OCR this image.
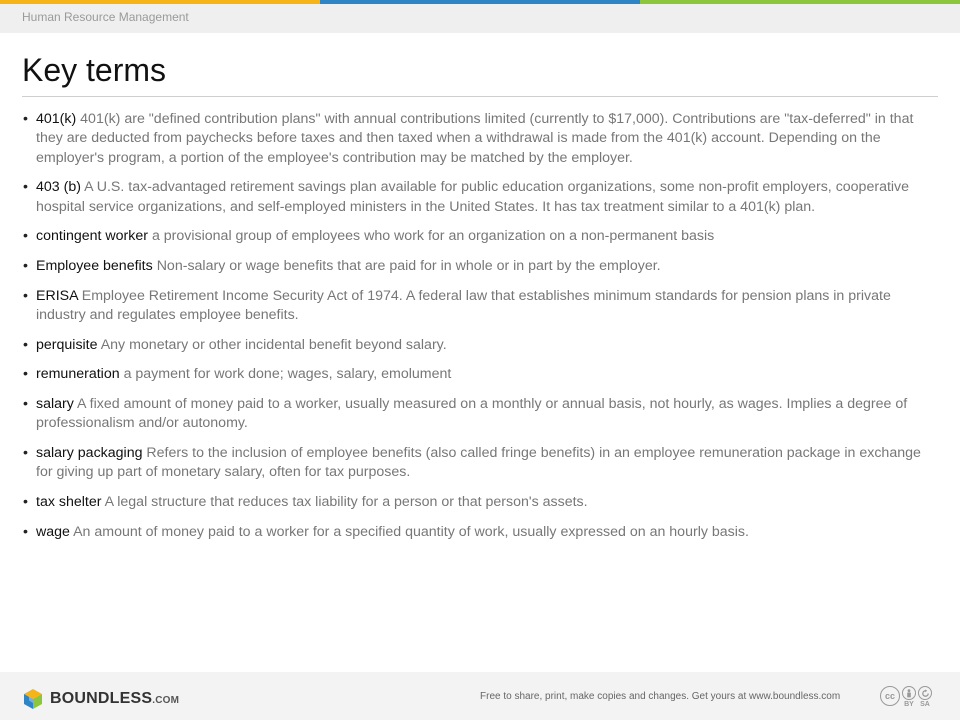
Human Resource Management
Key terms
• 401(k) 401(k) are "defined contribution plans" with annual contributions limited (currently to $17,000). Contributions are "tax-deferred" in that they are deducted from paychecks before taxes and then taxed when a withdrawal is made from the 401(k) account. Depending on the employer's program, a portion of the employee's contribution may be matched by the employer.
• 403 (b) A U.S. tax-advantaged retirement savings plan available for public education organizations, some non-profit employers, cooperative hospital service organizations, and self-employed ministers in the United States. It has tax treatment similar to a 401(k) plan.
• contingent worker a provisional group of employees who work for an organization on a non-permanent basis
• Employee benefits Non-salary or wage benefits that are paid for in whole or in part by the employer.
• ERISA Employee Retirement Income Security Act of 1974. A federal law that establishes minimum standards for pension plans in private industry and regulates employee benefits.
• perquisite Any monetary or other incidental benefit beyond salary.
• remuneration a payment for work done; wages, salary, emolument
• salary A fixed amount of money paid to a worker, usually measured on a monthly or annual basis, not hourly, as wages. Implies a degree of professionalism and/or autonomy.
• salary packaging Refers to the inclusion of employee benefits (also called fringe benefits) in an employee remuneration package in exchange for giving up part of monetary salary, often for tax purposes.
• tax shelter A legal structure that reduces tax liability for a person or that person's assets.
• wage An amount of money paid to a worker for a specified quantity of work, usually expressed on an hourly basis.
BOUNDLESS.COM	Free to share, print, make copies and changes. Get yours at www.boundless.com	cc
BY SA
